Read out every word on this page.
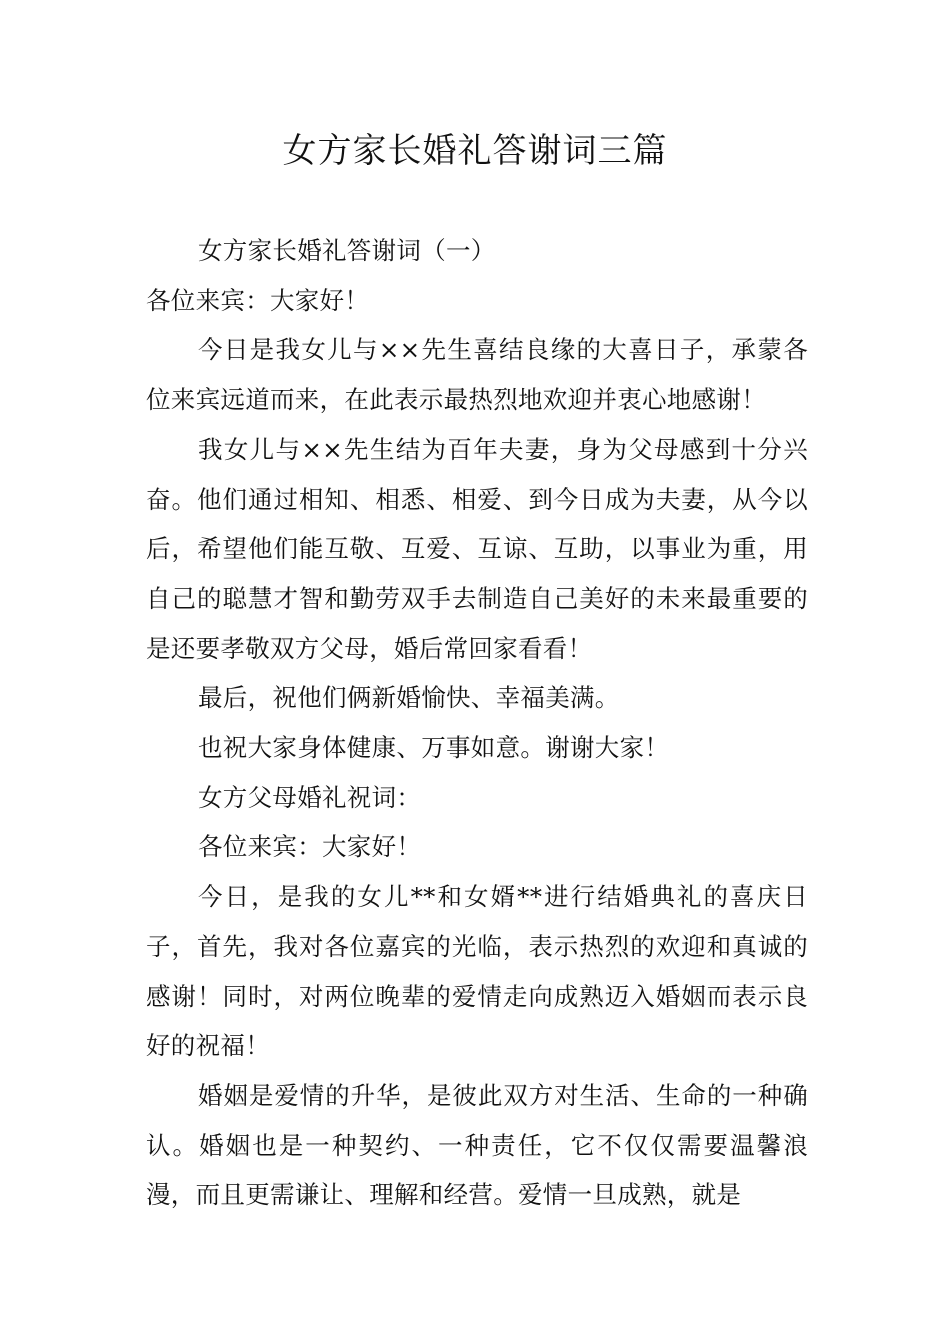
女方家长婚礼答谢词三篇

女方家长婚礼答谢词（一）

各位来宾：大家好！

今日是我女儿与××先生喜结良缘的大喜日子，承蒙各位来宾远道而来，在此表示最热烈地欢迎并衷心地感谢！

我女儿与××先生结为百年夫妻，身为父母感到十分兴奋。他们通过相知、相悉、相爱、到今日成为夫妻，从今以后，希望他们能互敬、互爱、互谅、互助，以事业为重，用自己的聪慧才智和勤劳双手去制造自己美好的未来最重要的是还要孝敬双方父母，婚后常回家看看！

最后，祝他们俩新婚愉快、幸福美满。

也祝大家身体健康、万事如意。谢谢大家！

女方父母婚礼祝词：

各位来宾：大家好！

今日，是我的女儿**和女婿**进行结婚典礼的喜庆日子，首先，我对各位嘉宾的光临，表示热烈的欢迎和真诚的感谢！同时，对两位晚辈的爱情走向成熟迈入婚姻而表示良好的祝福！

婚姻是爱情的升华，是彼此双方对生活、生命的一种确认。婚姻也是一种契约、一种责任，它不仅仅需要温馨浪漫，而且更需谦让、理解和经营。爱情一旦成熟，就是
